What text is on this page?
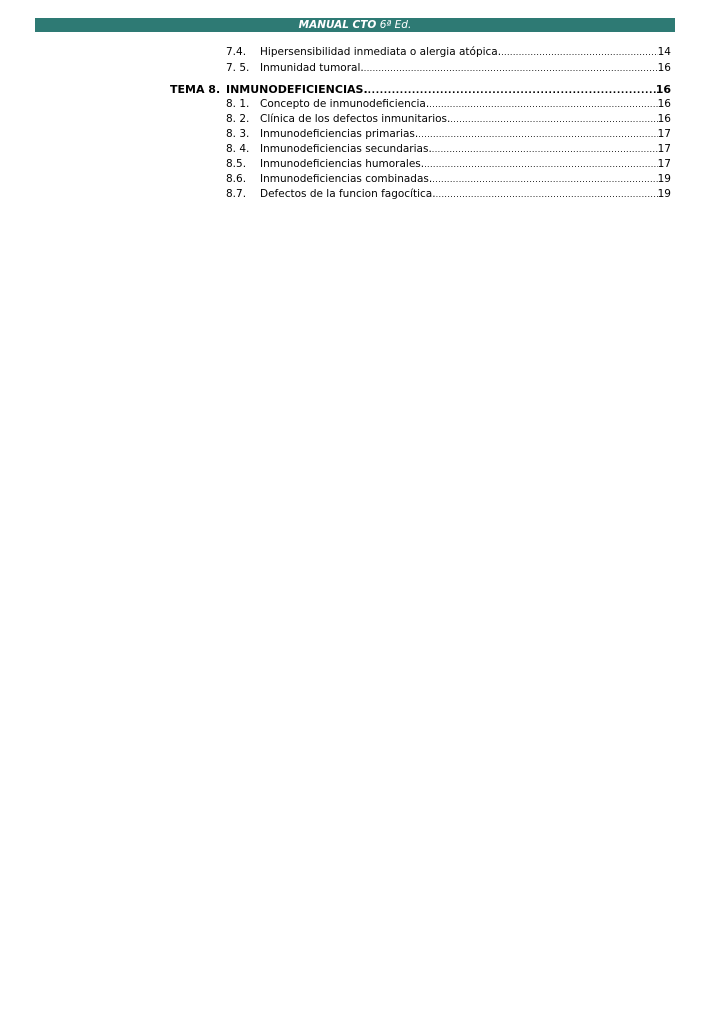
MANUAL CTO 6ª Ed.
7.4. Hipersensibilidad inmediata o alergia atópica. .....	14
7. 5. Inmunidad tumoral. .....	16
TEMA 8. INMUNODEFICIENCIAS. .....	16
8. 1. Concepto de inmunodeficiencia. .....	16
8. 2. Clínica de los defectos inmunitarios. .....	16
8. 3. Inmunodeficiencias primarias. .....	17
8. 4. Inmunodeficiencias secundarias. .....	17
8.5. Inmunodeficiencias humorales. .....	17
8.6. Inmunodeficiencias combinadas. .....	19
8.7. Defectos de la funcion fagocítica. .....	19
